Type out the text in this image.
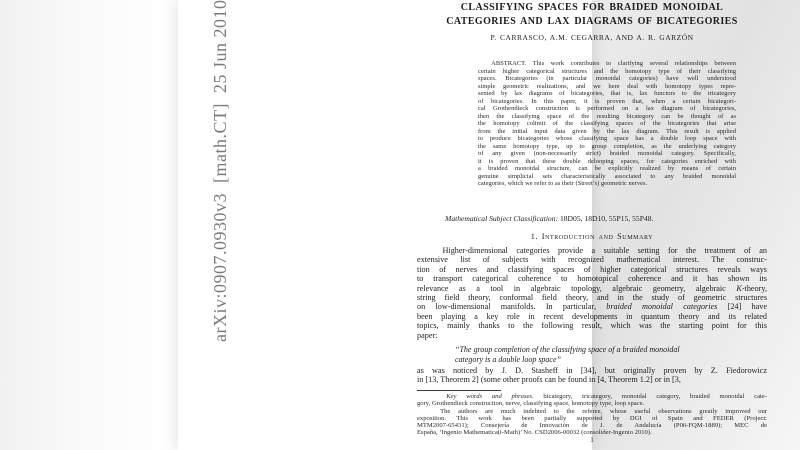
CLASSIFYING SPACES FOR BRAIDED MONOIDAL
CATEGORIES AND LAX DIAGRAMS OF BICATEGORIES
P. CARRASCO, A.M. CEGARRA, AND A. R. GARZÓN
ABSTRACT. This work contributes to clarifying several relationships between
certain higher categorical structures and the homotopy type of their classifying
spaces. Bicategories (in particular monoidal categories) have well understood
simple geometric realizations, and we here deal with homotopy types repre-
sented by lax diagrams of bicategories, that is, lax functors to the tricategory
of bicategories. In this paper, it is proven that, when a certain bicategori-
cal Grothendieck construction is performed on a lax diagram of bicategories,
then the classifying space of the resulting bicategory can be thought of as
the homotopy colimit of the classifying spaces of the bicategories that arise
from the initial input data given by the lax diagram. This result is applied
to produce bicategories whose classifying space has a double loop space with
the same homotopy type, up to group completion, as the underlying category
of any given (non-necessarily strict) braided monoidal category. Specifically,
it is proven that these double delooping spaces, for categories enriched with
a braided monoidal structure, can be explicitly realized by means of certain
genuine simplicial sets characteristically associated to any braided monoidal
categories, which we refer to as their (Street’s) geometric nerves.
Mathematical Subject Classification: 18D05, 18D10, 55P15, 55P48.
1. Introduction and Summary
Higher-dimensional categories provide a suitable setting for the treatment of an
extensive list of subjects with recognized mathematical interest. The construc-
tion of nerves and classifying spaces of higher categorical structures reveals ways
to transport categorical coherence to homotopical coherence and it has shown its
relevance as a tool in algebraic topology, algebraic geometry, algebraic K-theory,
string field theory, conformal field theory, and in the study of geometric structures
on low-dimensional manifolds. In particular, braided monoidal categories [24] have
been playing a key role in recent developments in quantum theory and its related
topics, mainly thanks to the following result, which was the starting point for this
paper:
“The group completion of the classifying space of a braided monoidal
category is a double loop space”
as was noticed by J. D. Stasheff in [34], but originally proven by Z. Fiedorowicz
in [13, Theorem 2] (some other proofs can be found in [4, Theorem 1.2] or in [3,
Key words and phrases. bicategory, tricategory, monoidal category, braided monoidal cate-
gory, Grothendieck construction, nerve, classifying space, homotopy type, loop space.
The authors are much indebted to the referee, whose useful observations greatly improved our
exposition. This work has been partially supported by DGI of Spain and FEDER (Project:
MTM2007-65431); Consejería de Innovación de J. de Andalucía (P06-FQM-1889); MEC de
España, ‘Ingenio Mathematica(i-Math)’ No. CSD2006-00032 (consolider-Ingenio 2010).
1
arXiv:0907.0930v3  [math.CT]  25 Jun 2010
